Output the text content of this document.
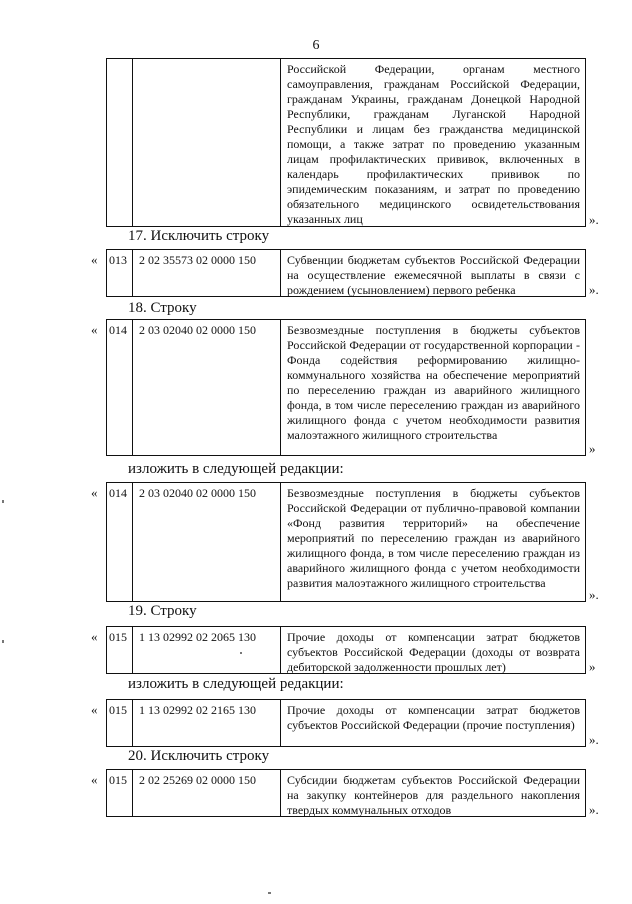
6
Российской Федерации, органам местного самоуправления, гражданам Российской Федерации, гражданам Украины, гражданам Донецкой Народной Республики, гражданам Луганской Народной Республики и лицам без гражданства медицинской помощи, а также затрат по проведению указанным лицам профилактических прививок, включенных в календарь профилактических прививок по эпидемическим показаниям, и затрат по проведению обязательного медицинского освидетельствования указанных лиц	».
17. Исключить строку
« 013	2 02 35573 02 0000 150	Субвенции бюджетам субъектов Российской Федерации на осуществление ежемесячной выплаты в связи с рождением (усыновлением) первого ребенка	».
18. Строку
« 014	2 03 02040 02 0000 150	Безвозмездные поступления в бюджеты субъектов Российской Федерации от государственной корпорации - Фонда содействия реформированию жилищно-коммунального хозяйства на обеспечение мероприятий по переселению граждан из аварийного жилищного фонда, в том числе переселению граждан из аварийного жилищного фонда с учетом необходимости развития малоэтажного жилищного строительства
»
изложить в следующей редакции:
« 014	2 03 02040 02 0000 150	Безвозмездные поступления в бюджеты субъектов Российской Федерации от публично-правовой компании «Фонд развития территорий» на обеспечение мероприятий по переселению граждан из аварийного жилищного фонда, в том числе переселению граждан из аварийного жилищного фонда с учетом необходимости развития малоэтажного жилищного строительства
».
19. Строку
« 015	1 13 02992 02 2065 130	Прочие доходы от компенсации затрат бюджетов субъектов Российской Федерации (доходы от возврата дебиторской задолженности прошлых лет)	»
изложить в следующей редакции:
« 015	1 13 02992 02 2165 130	Прочие доходы от компенсации затрат бюджетов субъектов Российской Федерации (прочие поступления)
».
20. Исключить строку
« 015	2 02 25269 02 0000 150	Субсидии бюджетам субъектов Российской Федерации на закупку контейнеров для раздельного накопления твердых коммунальных отходов	».
